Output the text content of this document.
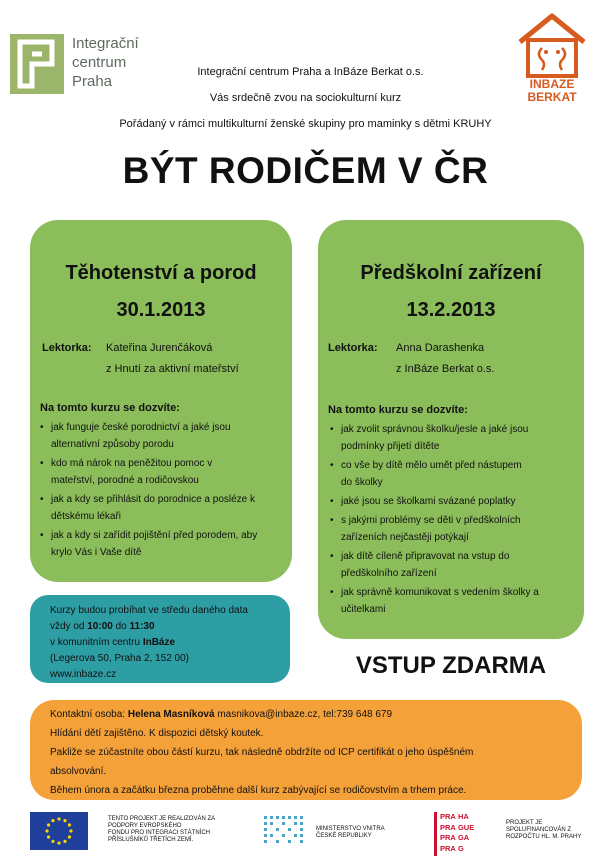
Integrační
centrum
Praha	INBAZE
BERKAT
Integrační centrum Praha a InBáze Berkat o.s.
Vás srdečně zvou na sociokulturní kurz
Pořádaný v rámci multikulturní ženské skupiny pro maminky s dětmi KRUHY
BÝT RODIČEM V ČR
Těhotenství a porod
30.1.2013
Lektorka: Kateřina Jurenčáková
z Hnutí za aktivní mateřství
Na tomto kurzu se dozvíte:
• jak funguje české porodnictví a jaké jsou
alternativní způsoby porodu
• kdo má nárok na peněžitou pomoc v
mateřství, porodné a rodičovskou
• jak a kdy se přihlásit do porodnice a posléze k
dětskému lékaři
• jak a kdy si zařídit pojištění před porodem, aby
krylo Vás i Vaše dítě
Předškolní zařízení
13.2.2013
Lektorka: Anna Darashenka
z InBáze Berkat o.s.
Na tomto kurzu se dozvíte:
• jak zvolit správnou školku/jesle a jaké jsou
podmínky přijetí dítěte
• co vše by dítě mělo umět před nástupem
do školky
• jaké jsou se školkami svázané poplatky
• s jakými problémy se děti v předškolních
zařízeních nejčastěji potýkají
• jak dítě cíleně připravovat na vstup do
předškolního zařízení
• jak správně komunikovat s vedením školky a
učitelkami
Kurzy budou probíhat ve středu daného data
vždy od 10:00 do 11:30
v komunitním centru InBáze
(Legerova 50, Praha 2, 152 00)
www.inbaze.cz	VSTUP ZDARMA
Kontaktní osoba: Helena Masníková masnikova@inbaze.cz, tel:739 648 679
Hlídání dětí zajištěno. K dispozici dětský koutek.
Pakliže se zúčastníte obou částí kurzu, tak následně obdržíte od ICP certifikát o jeho úspěšném
absolvování.
Během února a začátku března proběhne další kurz zabývající se rodičovstvím a trhem práce.
TENTO PROJEKT JE REALIZOVÁN ZA
PODPORY EVROPSKÉHO
FONDU PRO INTEGRACI STÁTNÍCH
PŘÍSLUŠNÍKŮ TŘETÍCH ZEMÍ.
MINISTERSTVO VNITRA
ČESKÉ REPUBLIKY
PRA HA
PRA GUE
PRA GA
PRA G
PROJEKT JE
SPOLUFINANCOVÁN Z
ROZPOČTU HL. M. PRAHY
